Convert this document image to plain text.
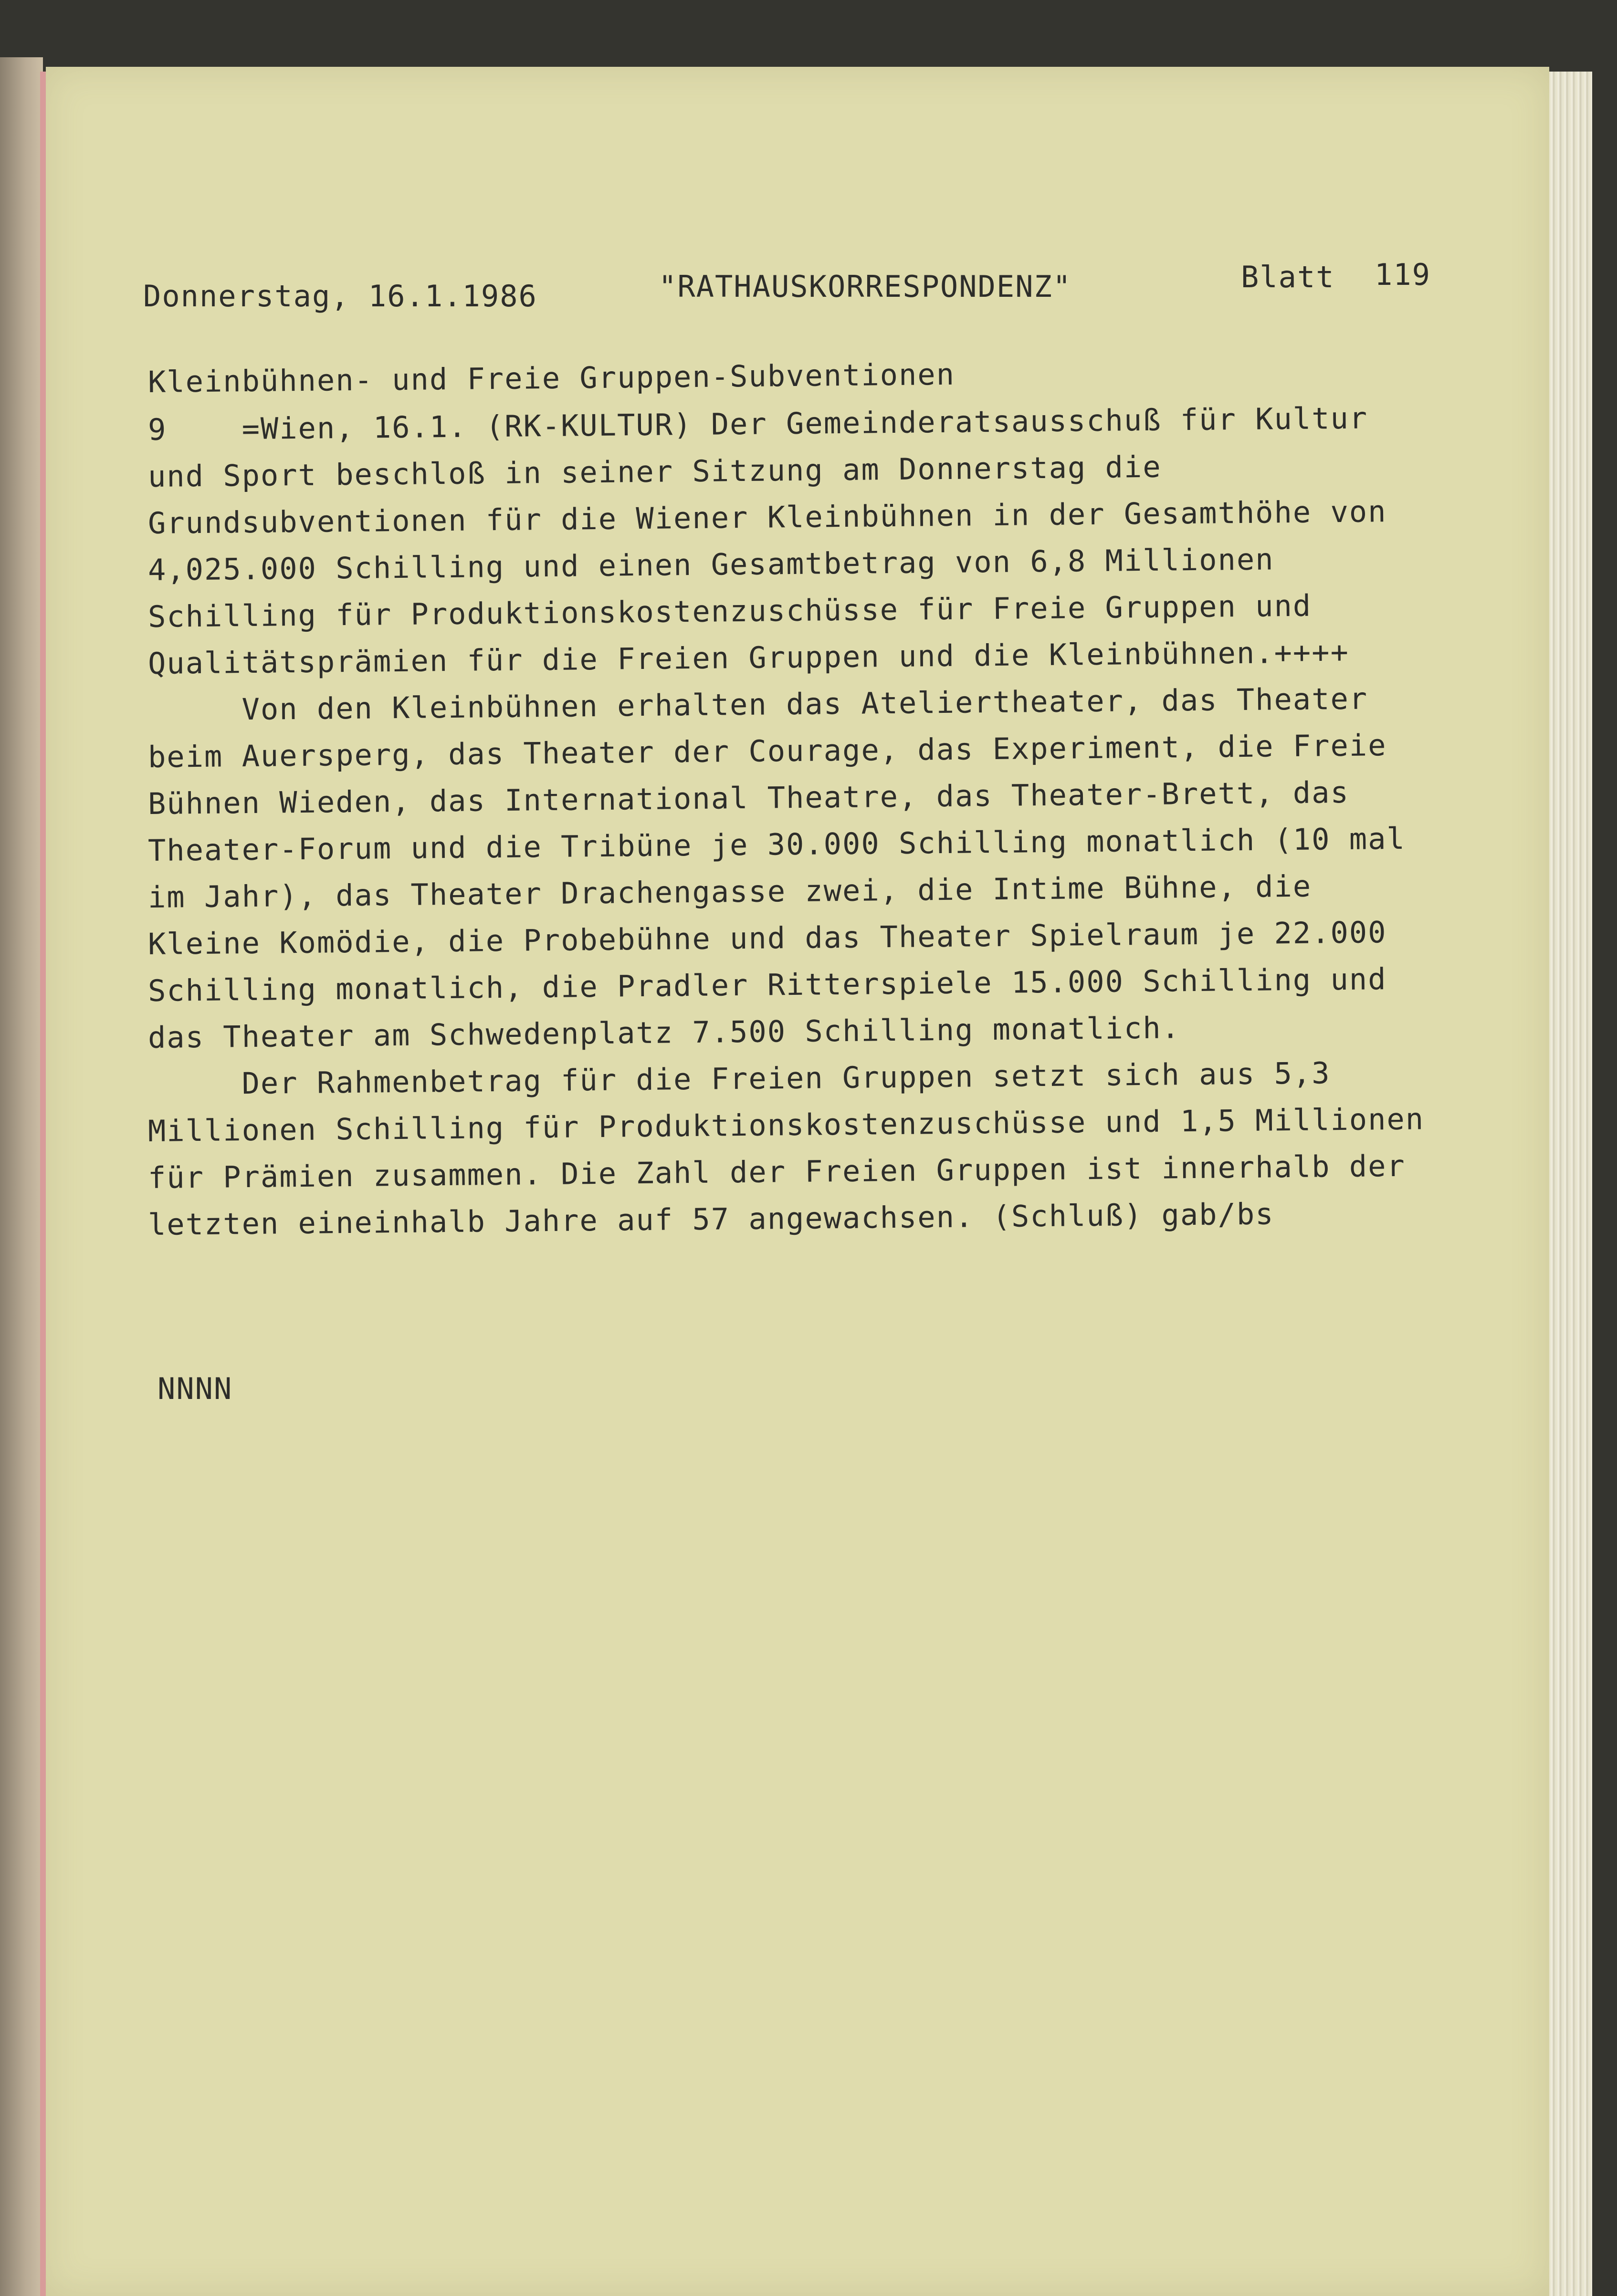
Donnerstag, 16.1.1986	"RATHAUSKORRESPONDENZ"	Blatt 119
Kleinbühnen- und Freie Gruppen-Subventionen
9    =Wien, 16.1. (RK-KULTUR) Der Gemeinderatsausschuß für Kultur
und Sport beschloß in seiner Sitzung am Donnerstag die
Grundsubventionen für die Wiener Kleinbühnen in der Gesamthöhe von
4,025.000 Schilling und einen Gesamtbetrag von 6,8 Millionen
Schilling für Produktionskostenzuschüsse für Freie Gruppen und
Qualitätsprämien für die Freien Gruppen und die Kleinbühnen.++++
Von den Kleinbühnen erhalten das Ateliertheater, das Theater
beim Auersperg, das Theater der Courage, das Experiment, die Freie
Bühnen Wieden, das International Theatre, das Theater-Brett, das
Theater-Forum und die Tribüne je 30.000 Schilling monatlich (10 mal
im Jahr), das Theater Drachengasse zwei, die Intime Bühne, die
Kleine Komödie, die Probebühne und das Theater Spielraum je 22.000
Schilling monatlich, die Pradler Ritterspiele 15.000 Schilling und
das Theater am Schwedenplatz 7.500 Schilling monatlich.
Der Rahmenbetrag für die Freien Gruppen setzt sich aus 5,3
Millionen Schilling für Produktionskostenzuschüsse und 1,5 Millionen
für Prämien zusammen. Die Zahl der Freien Gruppen ist innerhalb der
letzten eineinhalb Jahre auf 57 angewachsen. (Schluß) gab/bs
NNNN
